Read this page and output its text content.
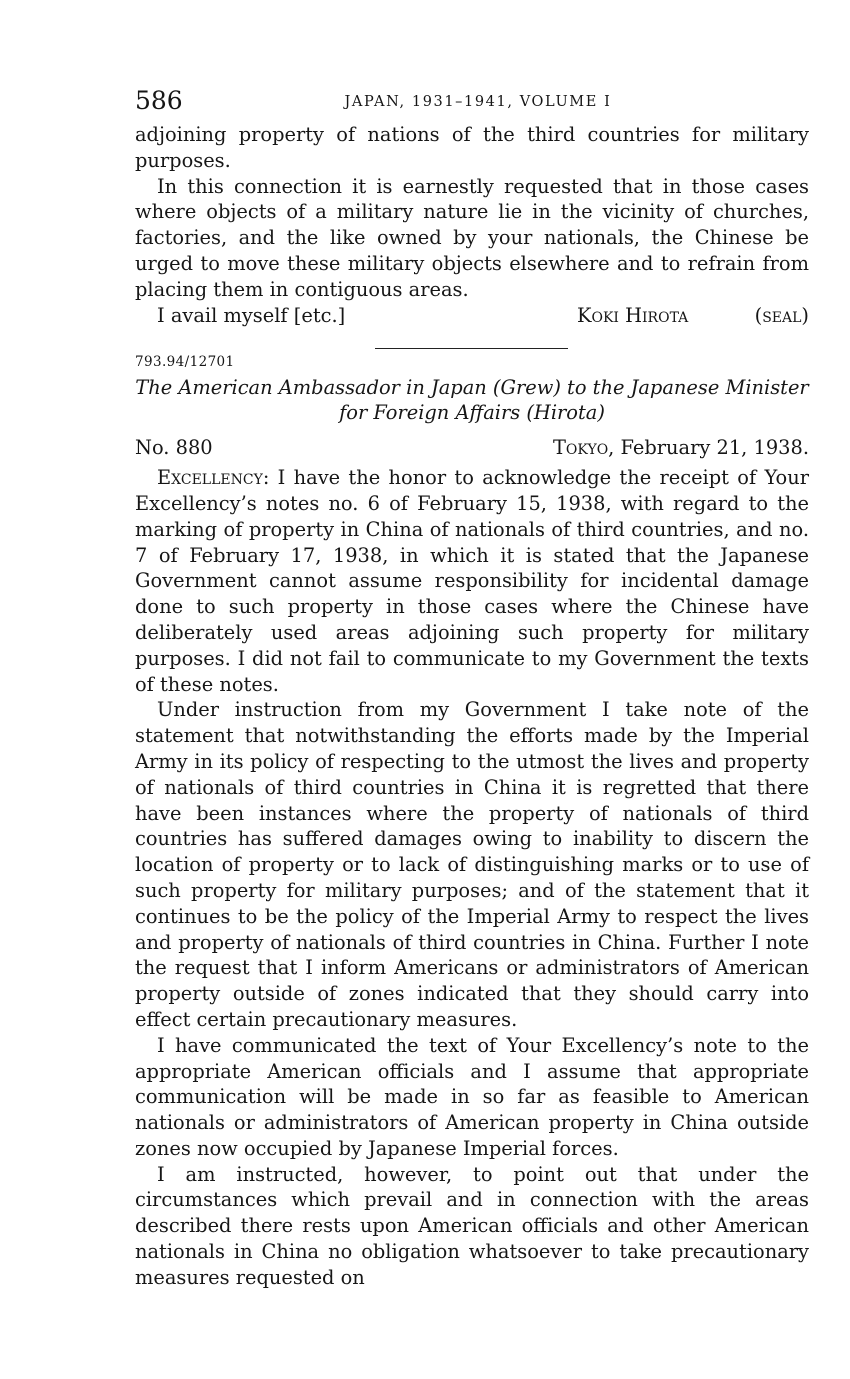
586	JAPAN, 1931–1941, VOLUME I

adjoining property of nations of the third countries for military purposes.

In this connection it is earnestly requested that in those cases where objects of a military nature lie in the vicinity of churches, factories, and the like owned by your nationals, the Chinese be urged to move these military objects elsewhere and to refrain from placing them in contiguous areas.

I avail myself [etc.]	Koki Hirota	(seal)
793.94/12701
The American Ambassador in Japan (Grew) to the Japanese Minister
for Foreign Affairs (Hirota)
No. 880	Tokyo, February 21, 1938.

Excellency: I have the honor to acknowledge the receipt of Your Excellency’s notes no. 6 of February 15, 1938, with regard to the marking of property in China of nationals of third countries, and no. 7 of February 17, 1938, in which it is stated that the Japanese Government cannot assume responsibility for incidental damage done to such property in those cases where the Chinese have deliberately used areas adjoining such property for military purposes. I did not fail to communicate to my Government the texts of these notes.

Under instruction from my Government I take note of the statement that notwithstanding the efforts made by the Imperial Army in its policy of respecting to the utmost the lives and property of nationals of third countries in China it is regretted that there have been instances where the property of nationals of third countries has suffered damages owing to inability to discern the location of property or to lack of distinguishing marks or to use of such property for military purposes; and of the statement that it continues to be the policy of the Imperial Army to respect the lives and property of nationals of third countries in China. Further I note the request that I inform Americans or administrators of American property outside of zones indicated that they should carry into effect certain precautionary measures.

I have communicated the text of Your Excellency’s note to the appropriate American officials and I assume that appropriate communication will be made in so far as feasible to American nationals or administrators of American property in China outside zones now occupied by Japanese Imperial forces.

I am instructed, however, to point out that under the circumstances which prevail and in connection with the areas described there rests upon American officials and other American nationals in China no obligation whatsoever to take precautionary measures requested on
